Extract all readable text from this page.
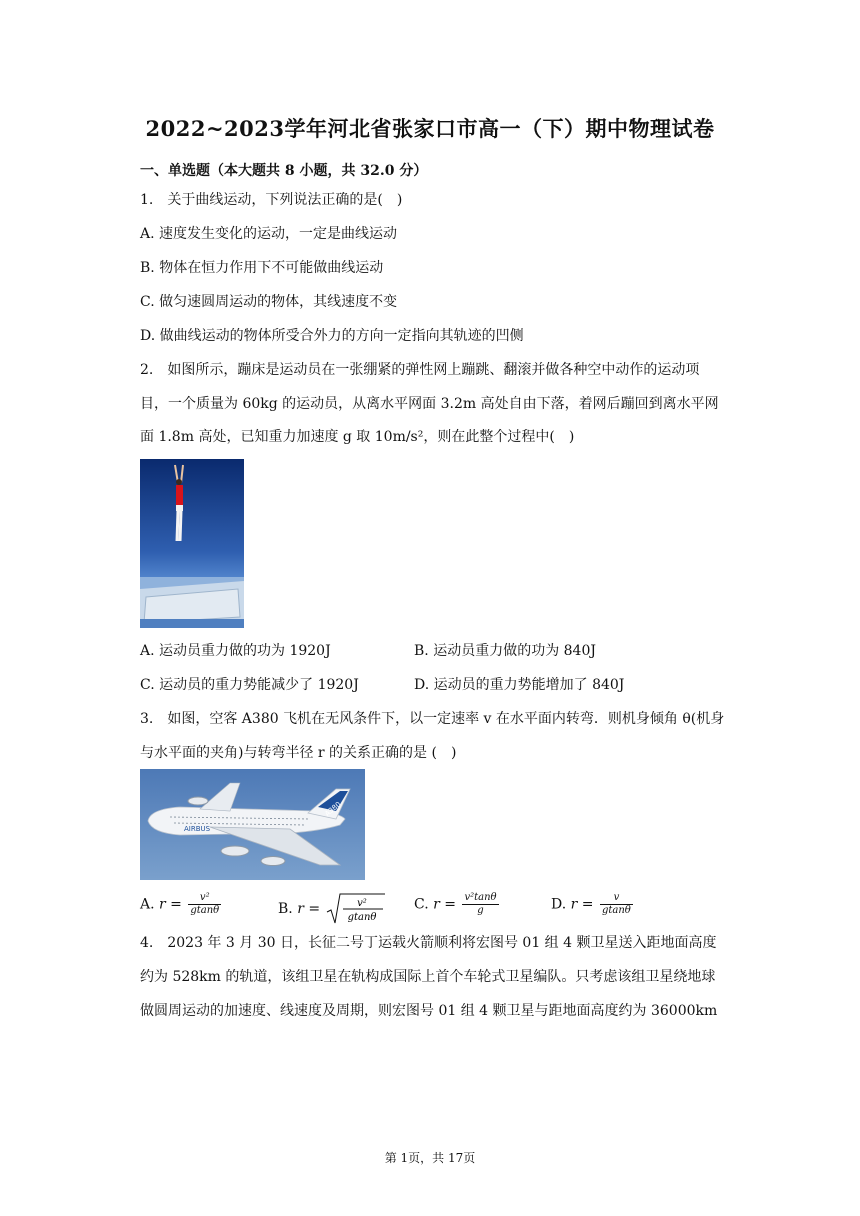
2022~2023学年河北省张家口市高一（下）期中物理试卷
一、单选题（本大题共 8 小题，共 32.0 分）
1.　关于曲线运动，下列说法正确的是(　)
A. 速度发生变化的运动，一定是曲线运动
B. 物体在恒力作用下不可能做曲线运动
C. 做匀速圆周运动的物体，其线速度不变
D. 做曲线运动的物体所受合外力的方向一定指向其轨迹的凹侧
2.　如图所示，蹦床是运动员在一张绷紧的弹性网上蹦跳、翻滚并做各种空中动作的运动项
目，一个质量为 60kg 的运动员，从离水平网面 3.2m 高处自由下落，着网后蹦回到离水平网
面 1.8m 高处，已知重力加速度 g 取 10m/s²，则在此整个过程中(　)
A. 运动员重力做的功为 1920J	B. 运动员重力做的功为 840J
C. 运动员的重力势能减少了 1920J	D. 运动员的重力势能增加了 840J
3.　如图，空客 A380 飞机在无风条件下，以一定速率 v 在水平面内转弯．则机身倾角 θ(机身
与水平面的夹角)与转弯半径 r 的关系正确的是 (　)
AIRBUS
A380
A. $r = \frac{\text{v²}}{gtan\theta}$	B. r =	v²
gtanθ
C. $r = \frac{\text{v²tanθ}}{g}$	D. $r = \frac{v}{gtan\theta}$
4.　2023 年 3 月 30 日，长征二号丁运载火箭顺利将宏图号 01 组 4 颗卫星送入距地面高度
约为 528km 的轨道，该组卫星在轨构成国际上首个车轮式卫星编队。只考虑该组卫星绕地球
做圆周运动的加速度、线速度及周期，则宏图号 01 组 4 颗卫星与距地面高度约为 36000km
第 1页，共 17页
